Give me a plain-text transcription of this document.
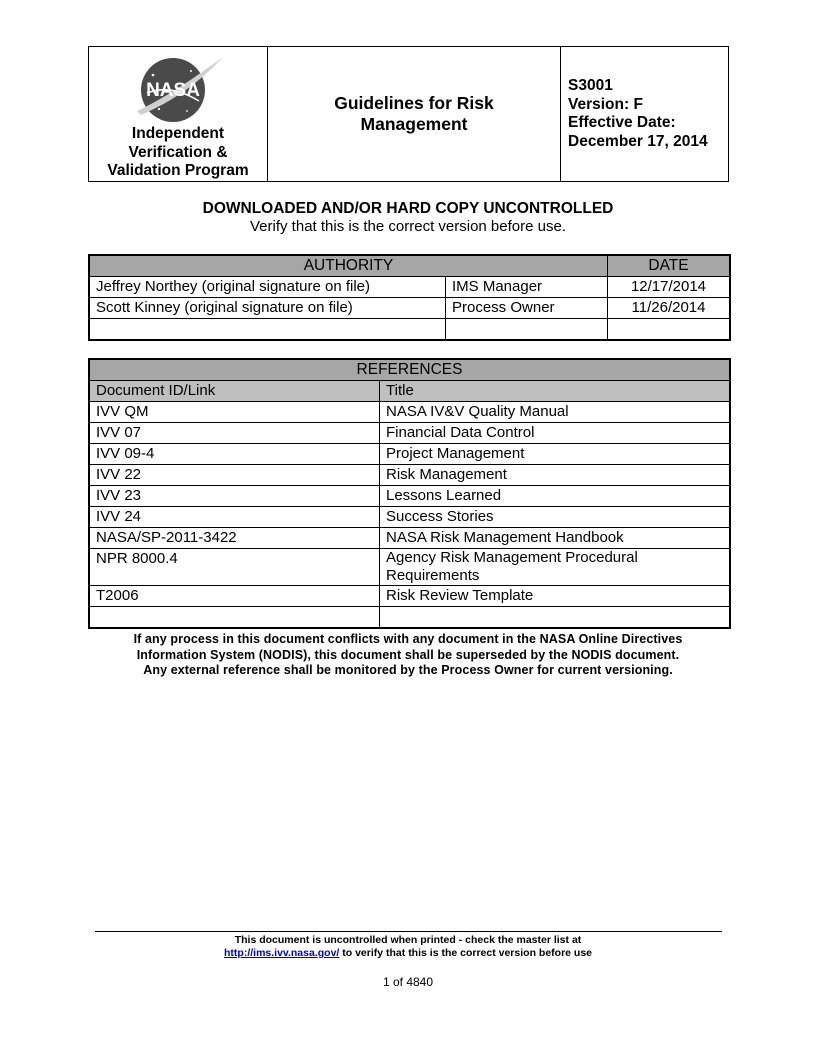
NASA
Independent
Verification &
Validation Program
Guidelines for Risk
Management
S3001
Version: F
Effective Date:
December 17, 2014
DOWNLOADED AND/OR HARD COPY UNCONTROLLED
Verify that this is the correct version before use.
AUTHORITY		DATE
Jeffrey Northey (original signature on file)	IMS Manager	12/17/2014
Scott Kinney (original signature on file)	Process Owner	11/26/2014

REFERENCES	
Document ID/Link	Title
IVV QM	NASA IV&V Quality Manual
IVV 07	Financial Data Control
IVV 09-4	Project Management
IVV 22	Risk Management
IVV 23	Lessons Learned
IVV 24	Success Stories
NASA/SP-2011-3422	NASA Risk Management Handbook
NPR 8000.4	Agency Risk Management Procedural Requirements
T2006	Risk Review Template

If any process in this document conflicts with any document in the NASA Online Directives
Information System (NODIS), this document shall be superseded by the NODIS document.
Any external reference shall be monitored by the Process Owner for current versioning.
This document is uncontrolled when printed - check the master list at
http://ims.ivv.nasa.gov/ to verify that this is the correct version before use
1 of 4840
